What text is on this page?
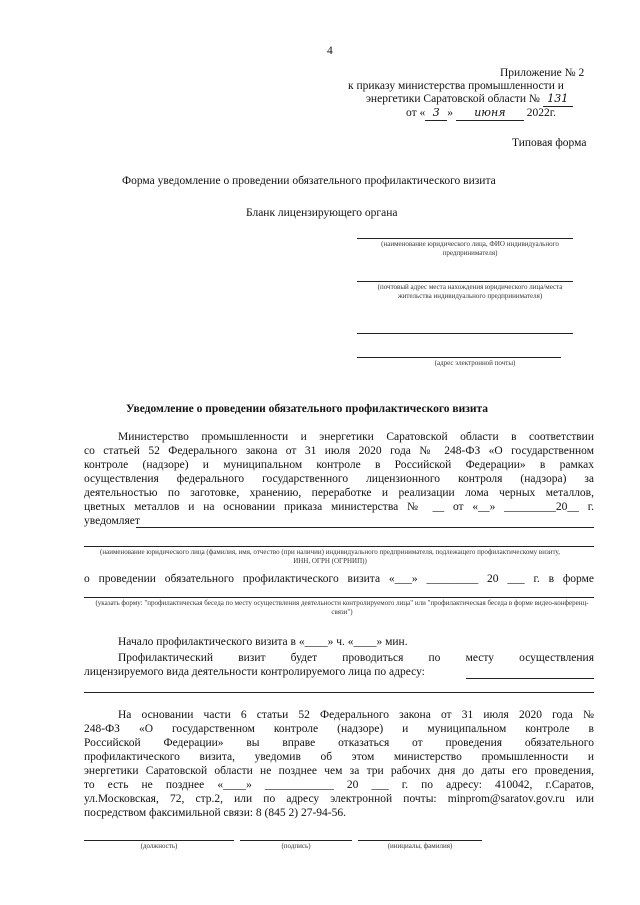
4
Приложение № 2
к приказу министерства промышленности и
энергетики Саратовской области № 131
от « 3 » июня 2022г.
Типовая форма
Форма уведомление о проведении обязательного профилактического визита
Бланк лицензирующего органа
(наименование юридического лица, ФИО индивидуального предпринимателя)
(почтовый адрес места нахождения юридического лица/места жительства индивидуального предпринимателя)
(адрес электронной почты)
Уведомление о проведении обязательного профилактического визита
Министерство промышленности и энергетики Саратовской области в соответствии
со статьей 52 Федерального закона от 31 июля 2020 года № 248-ФЗ «О государственном
контроле (надзоре) и муниципальном контроле в Российской Федерации» в рамках
осуществления федерального государственного лицензионного контроля (надзора) за
деятельностью по заготовке, хранению, переработке и реализации лома черных металлов,
цветных металлов и на основании приказа министерства № __ от «__» _________20__ г.
уведомляет
(наименование юридического лица (фамилия, имя, отчество (при наличии) индивидуального предпринимателя, подлежащего профилактическому визиту, ИНН, ОГРН (ОГРНИП))
о проведении обязательного профилактического визита «___» _________ 20 ___ г. в форме
(указать форму: "профилактическая беседа по месту осуществления деятельности контролируемого лица" или "профилактическая беседа в форме видео-конференц-связи")
Начало профилактического визита в «____» ч. «____» мин.
Профилактический визит будет проводиться по месту осуществления
лицензируемого вида деятельности контролируемого лица по адресу:
На основании части 6 статьи 52 Федерального закона от 31 июля 2020 года №
248-ФЗ «О государственном контроле (надзоре) и муниципальном контроле в
Российской Федерации» вы вправе отказаться от проведения обязательного
профилактического визита, уведомив об этом министерство промышленности и
энергетики Саратовской области не позднее чем за три рабочих дня до даты его проведения,
то есть не позднее «____» ____________ 20 ___ г. по адресу: 410042, г.Саратов,
ул.Московская, 72, стр.2, или по адресу электронной почты: minprom@saratov.gov.ru или
посредством факсимильной связи: 8 (845 2) 27-94-56.
(должность)	(подпись)	(инициалы, фамилия)
